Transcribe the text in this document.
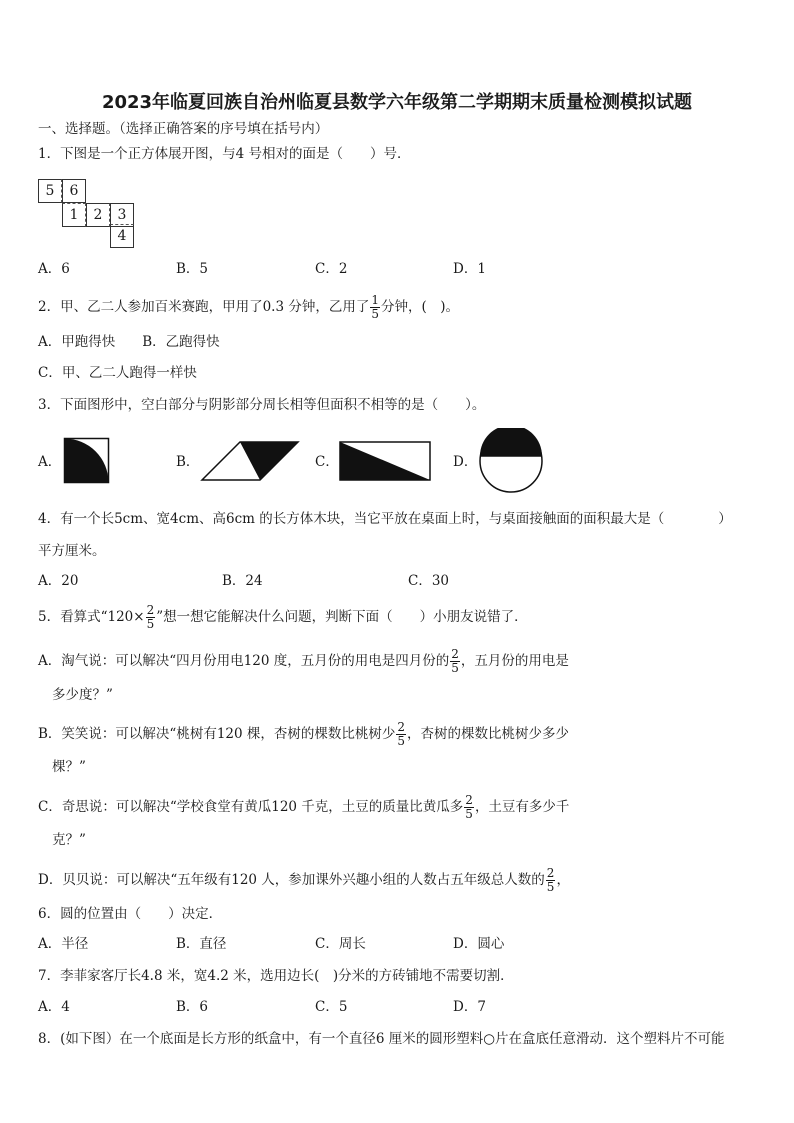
2023年临夏回族自治州临夏县数学六年级第二学期期末质量检测模拟试题
一、选择题。（选择正确答案的序号填在括号内）
1．下图是一个正方体展开图，与4 号相对的面是（　　）号．
5	6
1	2	3
4
A．6	B．5	C．2	D．1
2．甲、乙二人参加百米赛跑，甲用了0.3 分钟，乙用了 $\frac{1}{5}$ 分钟，(　)。
A．甲跑得快　　B．乙跑得快
C．甲、乙二人跑得一样快
3．下面图形中，空白部分与阴影部分周长相等但面积不相等的是（　　）。
A．	B．	C．	D．
4．有一个长5cm、宽4cm、高6cm 的长方体木块，当它平放在桌面上时，与桌面接触面的面积最大是（　　　　）
平方厘米。
A．20	B．24	C．30
5．看算式“$120\times \frac{2}{5}$ ”想一想它能解决什么问题，判断下面（　　）小朋友说错了．
A．淘气说：可以解决“四月份用电120 度，五月份的用电是四月份的 $\frac{2}{5}$ ，五月份的用电是
多少度？”
B．笑笑说：可以解决“桃树有120 棵，杏树的棵数比桃树少 $\frac{2}{5}$ ，杏树的棵数比桃树少多少
棵？”
C．奇思说：可以解决“学校食堂有黄瓜120 千克，土豆的质量比黄瓜多 $\frac{2}{5}$ ，土豆有多少千
克？”
D．贝贝说：可以解决“五年级有120 人，参加课外兴趣小组的人数占五年级总人数的 $\frac{2}{5}$ ，
6．圆的位置由（　　）决定．
A．半径	B．直径	C．周长	D．圆心
7．李菲家客厅长4.8 米，宽4.2 米，选用边长(　)分米的方砖铺地不需要切割．
A．4	B．6	C．5	D．7
8．(如下图）在一个底面是长方形的纸盒中，有一个直径6 厘米的圆形塑料○片在盒底任意滑动．这个塑料片不可能
